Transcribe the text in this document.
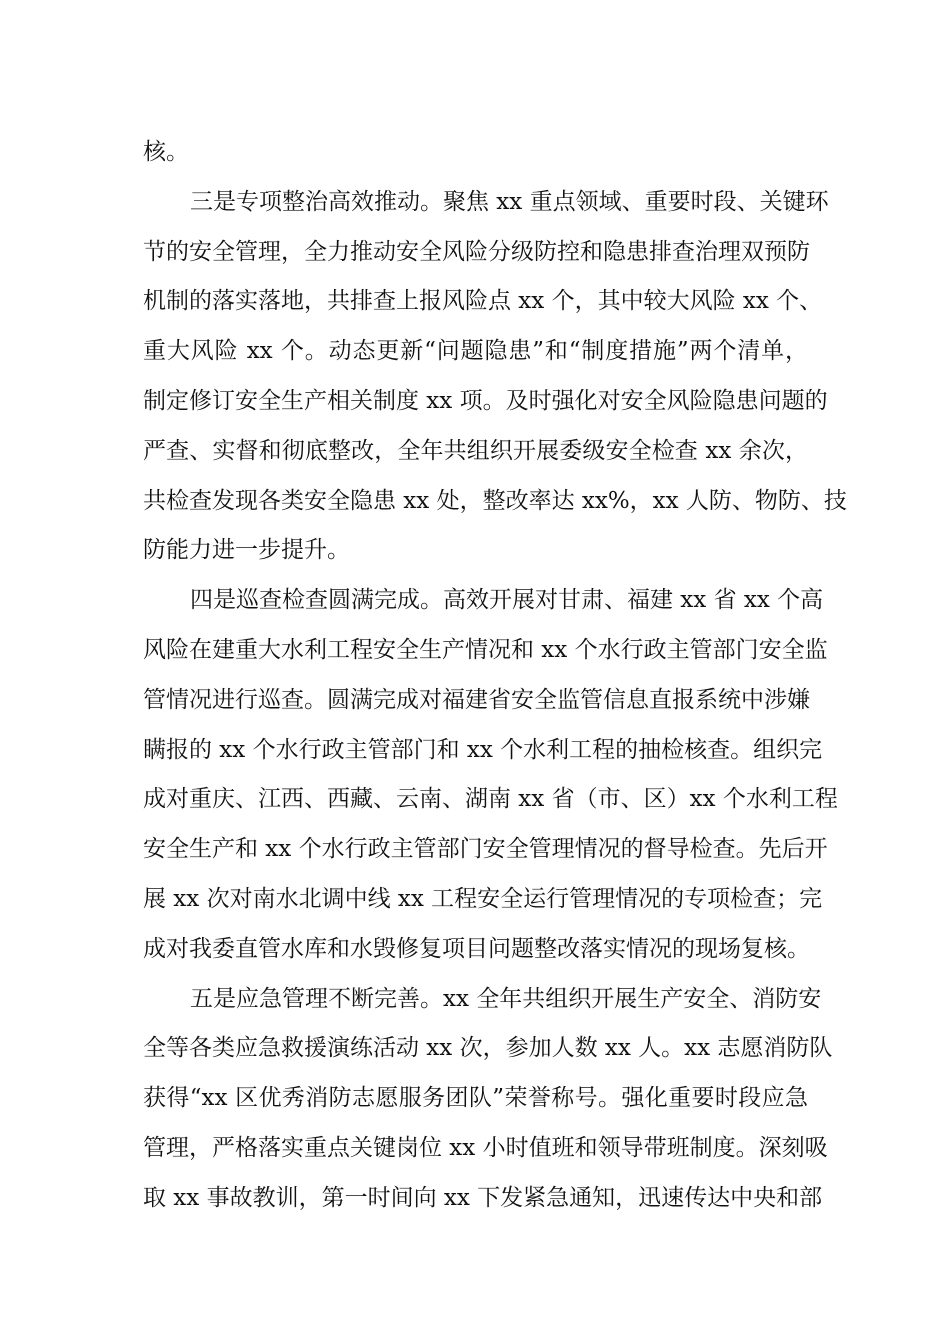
核。
三是专项整治高效推动。聚焦 xx 重点领域、重要时段、关键环
节的安全管理，全力推动安全风险分级防控和隐患排查治理双预防
机制的落实落地，共排查上报风险点 xx 个，其中较大风险 xx 个、
重大风险 xx 个。动态更新“问题隐患”和“制度措施”两个清单，
制定修订安全生产相关制度 xx 项。及时强化对安全风险隐患问题的
严查、实督和彻底整改，全年共组织开展委级安全检查 xx 余次，
共检查发现各类安全隐患 xx 处，整改率达 xx%，xx 人防、物防、技
防能力进一步提升。
四是巡查检查圆满完成。高效开展对甘肃、福建 xx 省 xx 个高
风险在建重大水利工程安全生产情况和 xx 个水行政主管部门安全监
管情况进行巡查。圆满完成对福建省安全监管信息直报系统中涉嫌
瞒报的 xx 个水行政主管部门和 xx 个水利工程的抽检核查。组织完
成对重庆、江西、西藏、云南、湖南 xx 省（市、区）xx 个水利工程
安全生产和 xx 个水行政主管部门安全管理情况的督导检查。先后开
展 xx 次对南水北调中线 xx 工程安全运行管理情况的专项检查；完
成对我委直管水库和水毁修复项目问题整改落实情况的现场复核。
五是应急管理不断完善。xx 全年共组织开展生产安全、消防安
全等各类应急救援演练活动 xx 次，参加人数 xx 人。xx 志愿消防队
获得“xx 区优秀消防志愿服务团队”荣誉称号。强化重要时段应急
管理，严格落实重点关键岗位 xx 小时值班和领导带班制度。深刻吸
取 xx 事故教训，第一时间向 xx 下发紧急通知，迅速传达中央和部
